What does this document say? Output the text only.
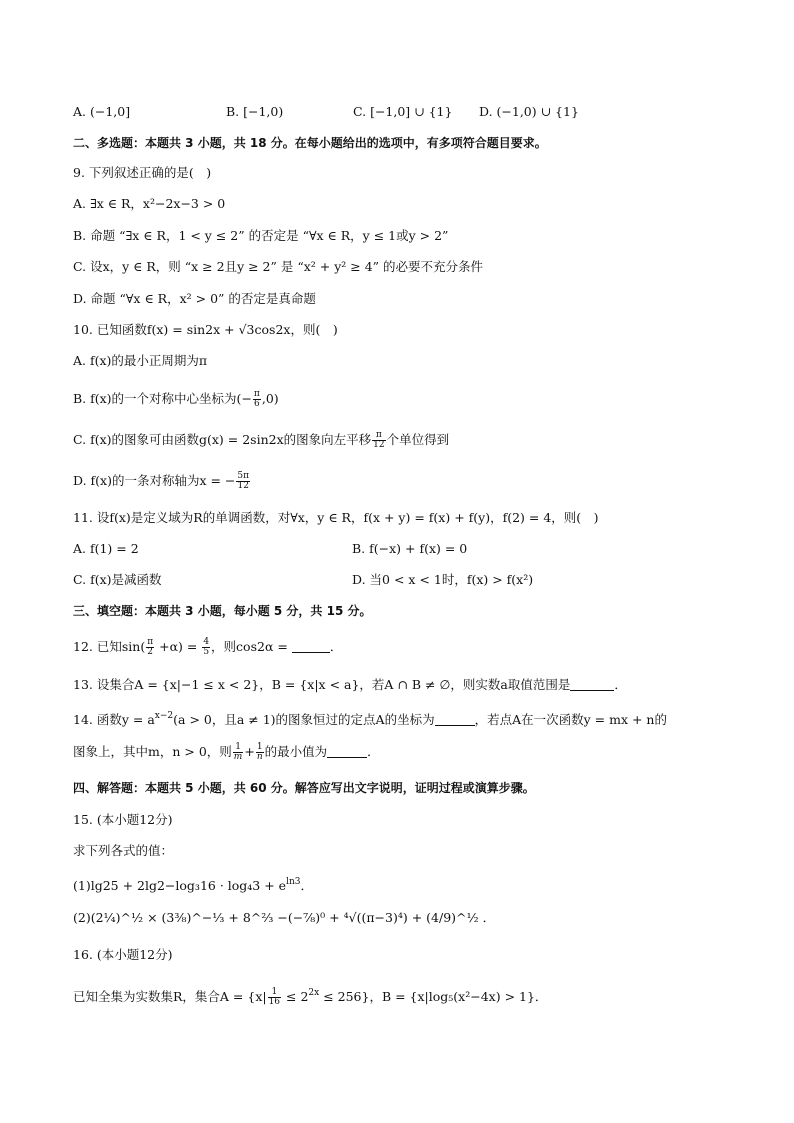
A. (−1,0]	B. [−1,0)	C. [−1,0] ∪ {1} D. (−1,0) ∪ {1}
二、多选题：本题共 3 小题，共 18 分。在每小题给出的选项中，有多项符合题目要求。
9. 下列叙述正确的是(　)
A. ∃x ∈ R，x²−2x−3 > 0
B. 命题 “∃x ∈ R，1 < y ≤ 2” 的否定是 “∀x ∈ R，y ≤ 1或y > 2”
C. 设x，y ∈ R，则 “x ≥ 2且y ≥ 2” 是 “x² + y² ≥ 4” 的必要不充分条件
D. 命题 “∀x ∈ R，x² > 0” 的否定是真命题
10. 已知函数f(x) = sin2x + √3cos2x，则(　)
A. f(x)的最小正周期为π
B. f(x)的一个对称中心坐标为(− $\frac{\pi}{6} ,0$)
C. f(x)的图象可由函数g(x) = 2sin2x的图象向左平移 $\frac{\pi}{12}$ 个单位得到
D. f(x)的一条对称轴为x = − $\frac{5\pi}{12}$
11. 设f(x)是定义域为R的单调函数，对∀x，y ∈ R，f(x + y) = f(x) + f(y)，f(2) = 4，则(　)
A. f(1) = 2	B. f(−x) + f(x) = 0
C. f(x)是减函数	D. 当0 < x < 1时，f(x) > f(x²)
三、填空题：本题共 3 小题，每小题 5 分，共 15 分。
12. 已知$\sin( \frac{\pi}{2} +\alpha) = \frac{4}{5}$ ，则cos2α =	．
13. 设集合A = {x|−1 ≤ x < 2}，B = {x|x < a}，若A ∩ B ≠ ∅，则实数a取值范围是	．
14. 函数$y = a^{x-2}(a > 0$，且a ≠ 1)的图象恒过的定点A的坐标为	，若点A在一次函数y = mx + n的
图象上，其中m，n > 0，则 $\frac{1}{m} + \frac{1}{n}$ 的最小值为	．
四、解答题：本题共 5 小题，共 60 分。解答应写出文字说明，证明过程或演算步骤。
15. (本小题12分)
求下列各式的值：
$(1)\lg 25 + 2\lg 2-\log_316 \cdot \log_43 + e^{ln3}$．
(2)(2¼)^½ × (3⅜)^−⅓ + 8^⅔ −(−⅞)⁰ + ⁴√((π−3)⁴) + (4/9)^½ ．
16. (本小题12分)
已知全集为实数集R，集合$A = \{x| \frac{1}{16} \le 2^{2x} \le 256\}$，B = {x|log₅(x²−4x) > 1}．
